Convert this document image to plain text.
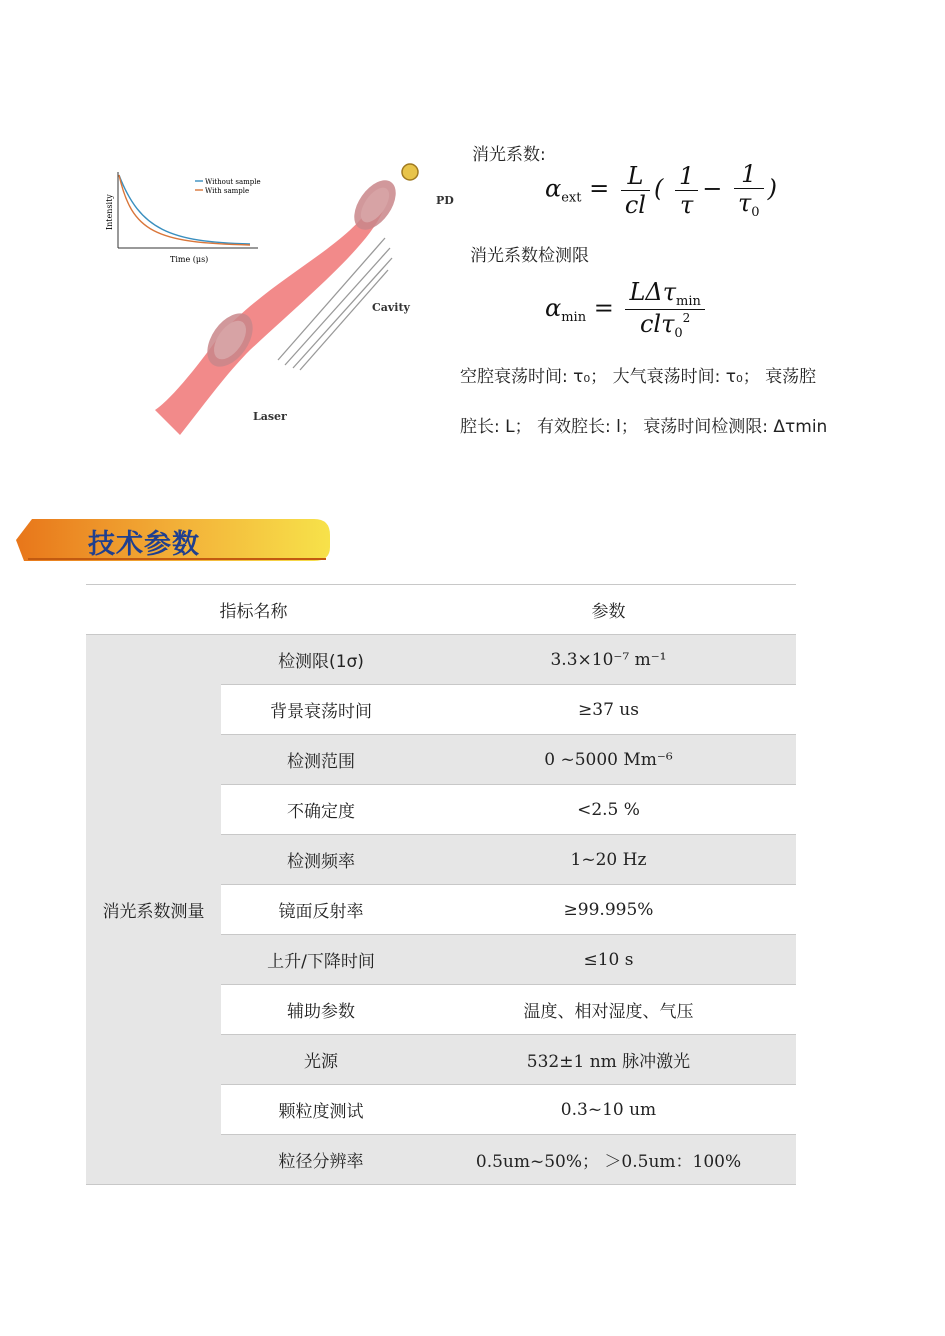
Without sample
With sample
Intensity
Time (μs)
PD
Cavity
Laser
消光系数:
$\alpha_{ext} = \frac{L}{cl}$ ( $\frac{1}{\tau} - \frac{1}{\tau_0}$ )
消光系数检测限
$\alpha_{min} = \frac{L\Delta\tau_{min}}{cl\tau_0^2}$
空腔衰荡时间: τ₀； 大气衰荡时间: τ₀； 衰荡腔
腔长: L； 有效腔长: l； 衰荡时间检测限: Δτmin
技术参数
指标名称		参数
消光系数测量	检测限(1σ)	3.3×10⁻⁷ m⁻¹
	背景衰荡时间	≥37 us
	检测范围	0 ~5000 Mm⁻⁶
	不确定度	<2.5 %
	检测频率	1~20 Hz
	镜面反射率	≥99.995%
	上升/下降时间	≤10 s
	辅助参数	温度、相对湿度、气压
	光源	532±1 nm 脉冲激光
	颗粒度测试	0.3~10 um
	粒径分辨率	0.5um~50%； ＞0.5um：100%
